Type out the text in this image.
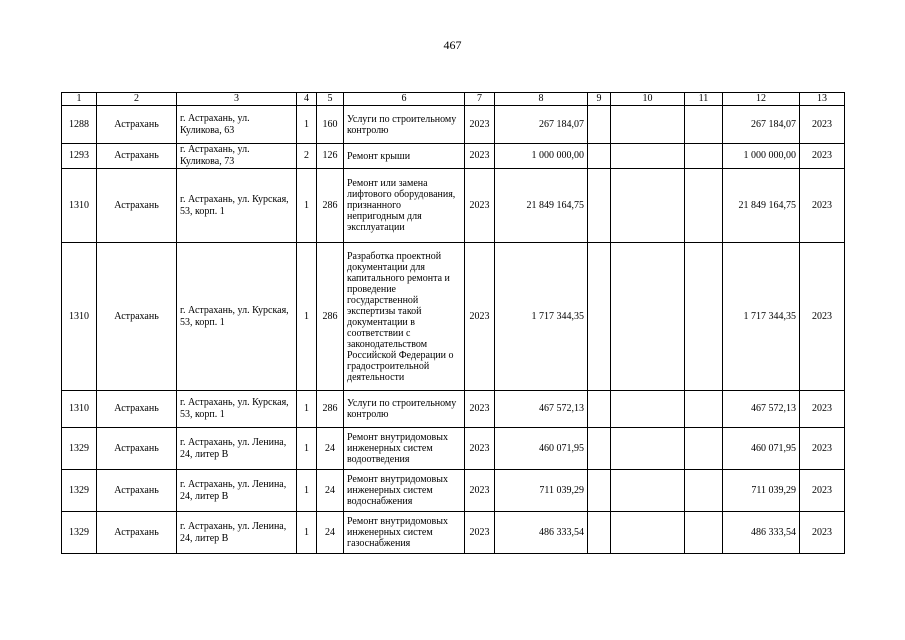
467
1	2	3	4	5	6	7	8	9	10	11	12	13
1288	Астрахань	г. Астрахань, ул. Куликова, 63	1	160	Услуги по строительному контролю	2023	267 184,07				267 184,07	2023
1293	Астрахань	г. Астрахань, ул. Куликова, 73	2	126	Ремонт крыши	2023	1 000 000,00				1 000 000,00	2023
1310	Астрахань	г. Астрахань, ул. Курская, 53, корп. 1	1	286	Ремонт или замена лифтового оборудования, признанного непригодным для эксплуатации	2023	21 849 164,75				21 849 164,75	2023
1310	Астрахань	г. Астрахань, ул. Курская, 53, корп. 1	1	286	Разработка проектной документации для капитального ремонта и проведение государственной экспертизы такой документации в соответствии с законодательством Российской Федерации о градостроительной деятельности	2023	1 717 344,35				1 717 344,35	2023
1310	Астрахань	г. Астрахань, ул. Курская, 53, корп. 1	1	286	Услуги по строительному контролю	2023	467 572,13				467 572,13	2023
1329	Астрахань	г. Астрахань, ул. Ленина, 24, литер В	1	24	Ремонт внутридомовых инженерных систем водоотведения	2023	460 071,95				460 071,95	2023
1329	Астрахань	г. Астрахань, ул. Ленина, 24, литер В	1	24	Ремонт внутридомовых инженерных систем водоснабжения	2023	711 039,29				711 039,29	2023
1329	Астрахань	г. Астрахань, ул. Ленина, 24, литер В	1	24	Ремонт внутридомовых инженерных систем газоснабжения	2023	486 333,54				486 333,54	2023
